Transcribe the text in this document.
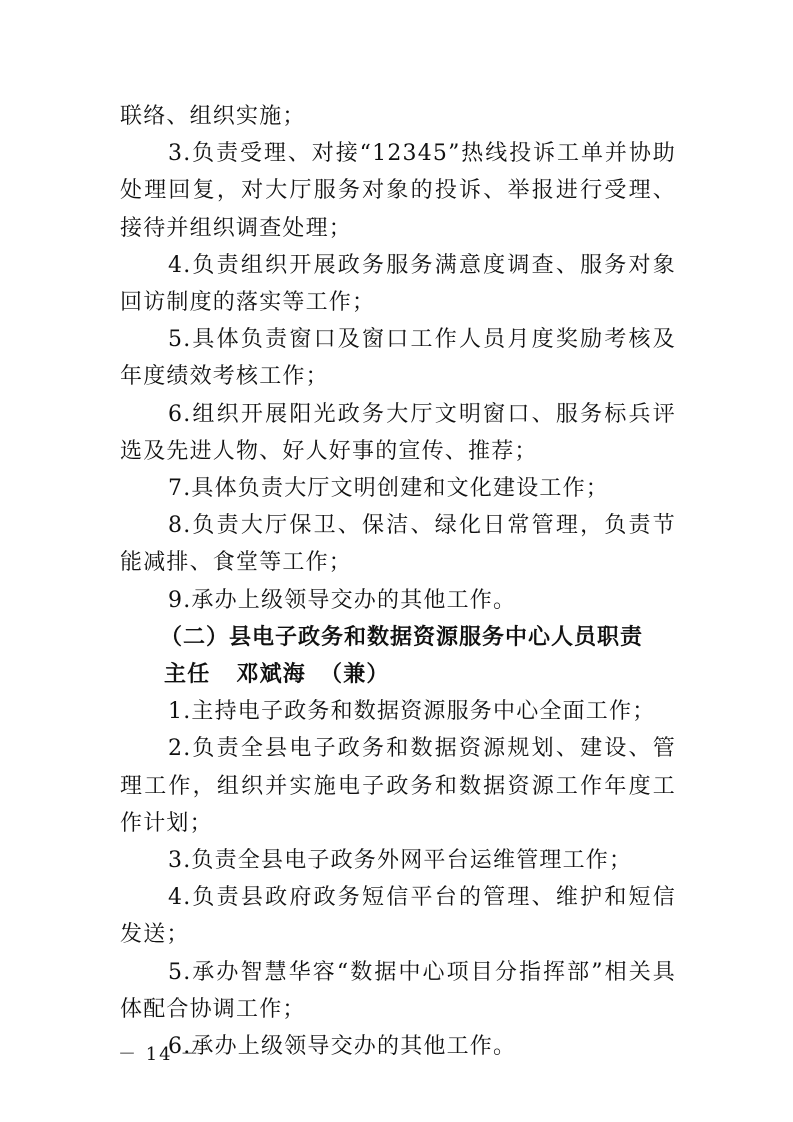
联络、组织实施；

3.负责受理、对接“12345”热线投诉工单并协助处理回复，对大厅服务对象的投诉、举报进行受理、接待并组织调查处理；

4.负责组织开展政务服务满意度调查、服务对象回访制度的落实等工作；

5.具体负责窗口及窗口工作人员月度奖励考核及年度绩效考核工作；

6.组织开展阳光政务大厅文明窗口、服务标兵评选及先进人物、好人好事的宣传、推荐；

7.具体负责大厅文明创建和文化建设工作；

8.负责大厅保卫、保洁、绿化日常管理，负责节能减排、食堂等工作；

9.承办上级领导交办的其他工作。

（二）县电子政务和数据资源服务中心人员职责

主任 邓斌海 （兼）

1.主持电子政务和数据资源服务中心全面工作；

2.负责全县电子政务和数据资源规划、建设、管理工作，组织并实施电子政务和数据资源工作年度工作计划；

3.负责全县电子政务外网平台运维管理工作；

4.负责县政府政务短信平台的管理、维护和短信发送；

5.承办智慧华容“数据中心项目分指挥部”相关具体配合协调工作；

6.承办上级领导交办的其他工作。

－ 14 －
